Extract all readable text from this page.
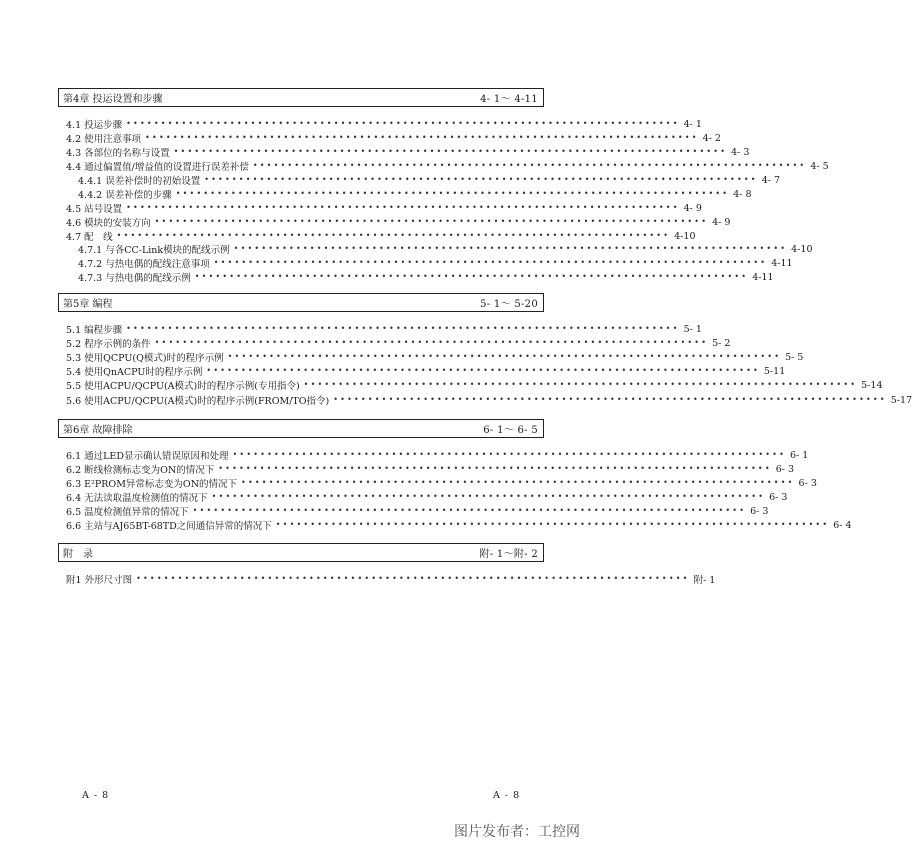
第4章 投运设置和步骤	4- 1～ 4-11
4.1 投运步骤 •••••••••••••••••••••••••••••••••••••••••••••••••••••••••••••••••••••••••••••••• 4- 1
4.2 使用注意事项 •••••••••••••••••••••••••••••••••••••••••••••••••••••••••••••••••••••••••••••••• 4- 2
4.3 各部位的名称与设置 •••••••••••••••••••••••••••••••••••••••••••••••••••••••••••••••••••••••••••••••• 4- 3
4.4 通过偏置值/增益值的设置进行误差补偿 •••••••••••••••••••••••••••••••••••••••••••••••••••••••••••••••••••••••••••••••• 4- 5
4.4.1 误差补偿时的初始设置 •••••••••••••••••••••••••••••••••••••••••••••••••••••••••••••••••••••••••••••••• 4- 7
4.4.2 误差补偿的步骤 •••••••••••••••••••••••••••••••••••••••••••••••••••••••••••••••••••••••••••••••• 4- 8
4.5 站号设置 •••••••••••••••••••••••••••••••••••••••••••••••••••••••••••••••••••••••••••••••• 4- 9
4.6 模块的安装方向 •••••••••••••••••••••••••••••••••••••••••••••••••••••••••••••••••••••••••••••••• 4- 9
4.7 配　线 •••••••••••••••••••••••••••••••••••••••••••••••••••••••••••••••••••••••••••••••• 4-10
4.7.1 与各CC-Link模块的配线示例 •••••••••••••••••••••••••••••••••••••••••••••••••••••••••••••••••••••••••••••••• 4-10
4.7.2 与热电偶的配线注意事项 •••••••••••••••••••••••••••••••••••••••••••••••••••••••••••••••••••••••••••••••• 4-11
4.7.3 与热电偶的配线示例 •••••••••••••••••••••••••••••••••••••••••••••••••••••••••••••••••••••••••••••••• 4-11
第5章 编程	5- 1～ 5-20
5.1 编程步骤 •••••••••••••••••••••••••••••••••••••••••••••••••••••••••••••••••••••••••••••••• 5- 1
5.2 程序示例的条件 •••••••••••••••••••••••••••••••••••••••••••••••••••••••••••••••••••••••••••••••• 5- 2
5.3 使用QCPU(Q模式)时的程序示例 •••••••••••••••••••••••••••••••••••••••••••••••••••••••••••••••••••••••••••••••• 5- 5
5.4 使用QnACPU时的程序示例 •••••••••••••••••••••••••••••••••••••••••••••••••••••••••••••••••••••••••••••••• 5-11
5.5 使用ACPU/QCPU(A模式)时的程序示例(专用指令) •••••••••••••••••••••••••••••••••••••••••••••••••••••••••••••••••••••••••••••••• 5-14
5.6 使用ACPU/QCPU(A模式)时的程序示例(FROM/TO指令) •••••••••••••••••••••••••••••••••••••••••••••••••••••••••••••••••••••••••••••••• 5-17
第6章 故障排除	6- 1～ 6- 5
6.1 通过LED显示确认错误原因和处理 •••••••••••••••••••••••••••••••••••••••••••••••••••••••••••••••••••••••••••••••• 6- 1
6.2 断线检测标志变为ON的情况下 •••••••••••••••••••••••••••••••••••••••••••••••••••••••••••••••••••••••••••••••• 6- 3
6.3 E²PROM异常标志变为ON的情况下 •••••••••••••••••••••••••••••••••••••••••••••••••••••••••••••••••••••••••••••••• 6- 3
6.4 无法读取温度检测值的情况下 •••••••••••••••••••••••••••••••••••••••••••••••••••••••••••••••••••••••••••••••• 6- 3
6.5 温度检测值异常的情况下 •••••••••••••••••••••••••••••••••••••••••••••••••••••••••••••••••••••••••••••••• 6- 3
6.6 主站与AJ65BT-68TD之间通信异常的情况下 •••••••••••••••••••••••••••••••••••••••••••••••••••••••••••••••••••••••••••••••• 6- 4
附　录	附- 1～附- 2
附1 外形尺寸图 •••••••••••••••••••••••••••••••••••••••••••••••••••••••••••••••••••••••••••••••• 附- 1
A - 8	A - 8
图片发布者：工控网
